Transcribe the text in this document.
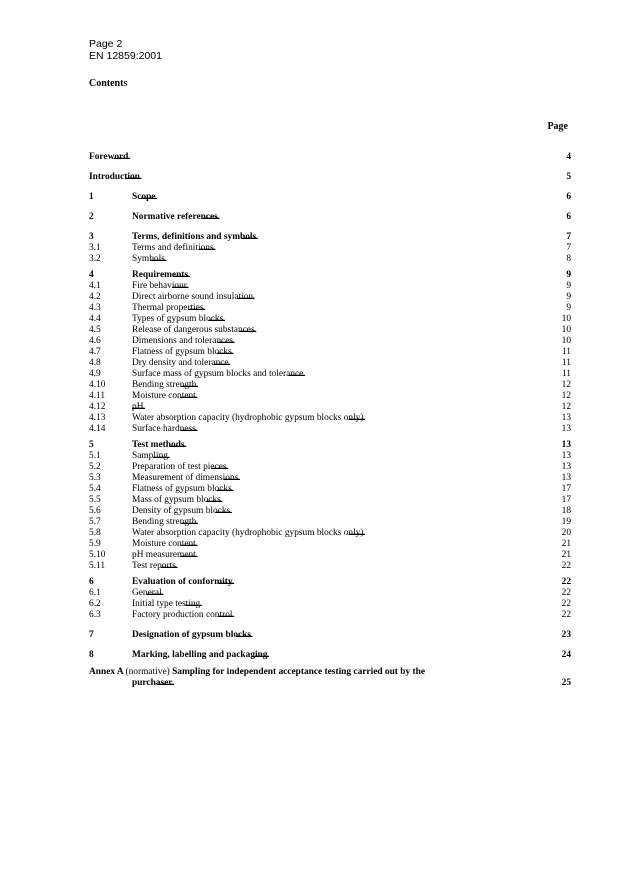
Page 2
EN 12859:2001
Contents
Page
Foreword . . .	4
Introduction . . .	5
1	Scope . . .	6
2	Normative references . . .	6
3	Terms, definitions and symbols . . .	7
3.1	Terms and definitions . . .	7
3.2	Symbols . . .	8
4	Requirements . . .	9
4.1	Fire behaviour . . .	9
4.2	Direct airborne sound insulation . . .	9
4.3	Thermal properties . . .	9
4.4	Types of gypsum blocks . . .	10
4.5	Release of dangerous substances . . .	10
4.6	Dimensions and tolerances . . .	10
4.7	Flatness of gypsum blocks . . .	11
4.8	Dry density and tolerance . . .	11
4.9	Surface mass of gypsum blocks and tolerance . . .	11
4.10	Bending strength . . .	12
4.11	Moisture content . . .	12
4.12	pH . . .	12
4.13	Water absorption capacity (hydrophobic gypsum blocks only) . . .	13
4.14	Surface hardness . . .	13
5	Test methods . . .	13
5.1	Sampling . . .	13
5.2	Preparation of test pieces . . .	13
5.3	Measurement of dimensions . . .	13
5.4	Flatness of gypsum blocks . . .	17
5.5	Mass of gypsum blocks . . .	17
5.6	Density of gypsum blocks . . .	18
5.7	Bending strength . . .	19
5.8	Water absorption capacity (hydrophobic gypsum blocks only) . . .	20
5.9	Moisture content . . .	21
5.10	pH measurement . . .	21
5.11	Test reports . . .	22
6	Evaluation of conformity . . .	22
6.1	General . . .	22
6.2	Initial type testing . . .	22
6.3	Factory production control . . .	22
7	Designation of gypsum blocks . . .	23
8	Marking, labelling and packaging . . .	24
Annex A (normative) Sampling for independent acceptance testing carried out by the
purchaser . . .	25
